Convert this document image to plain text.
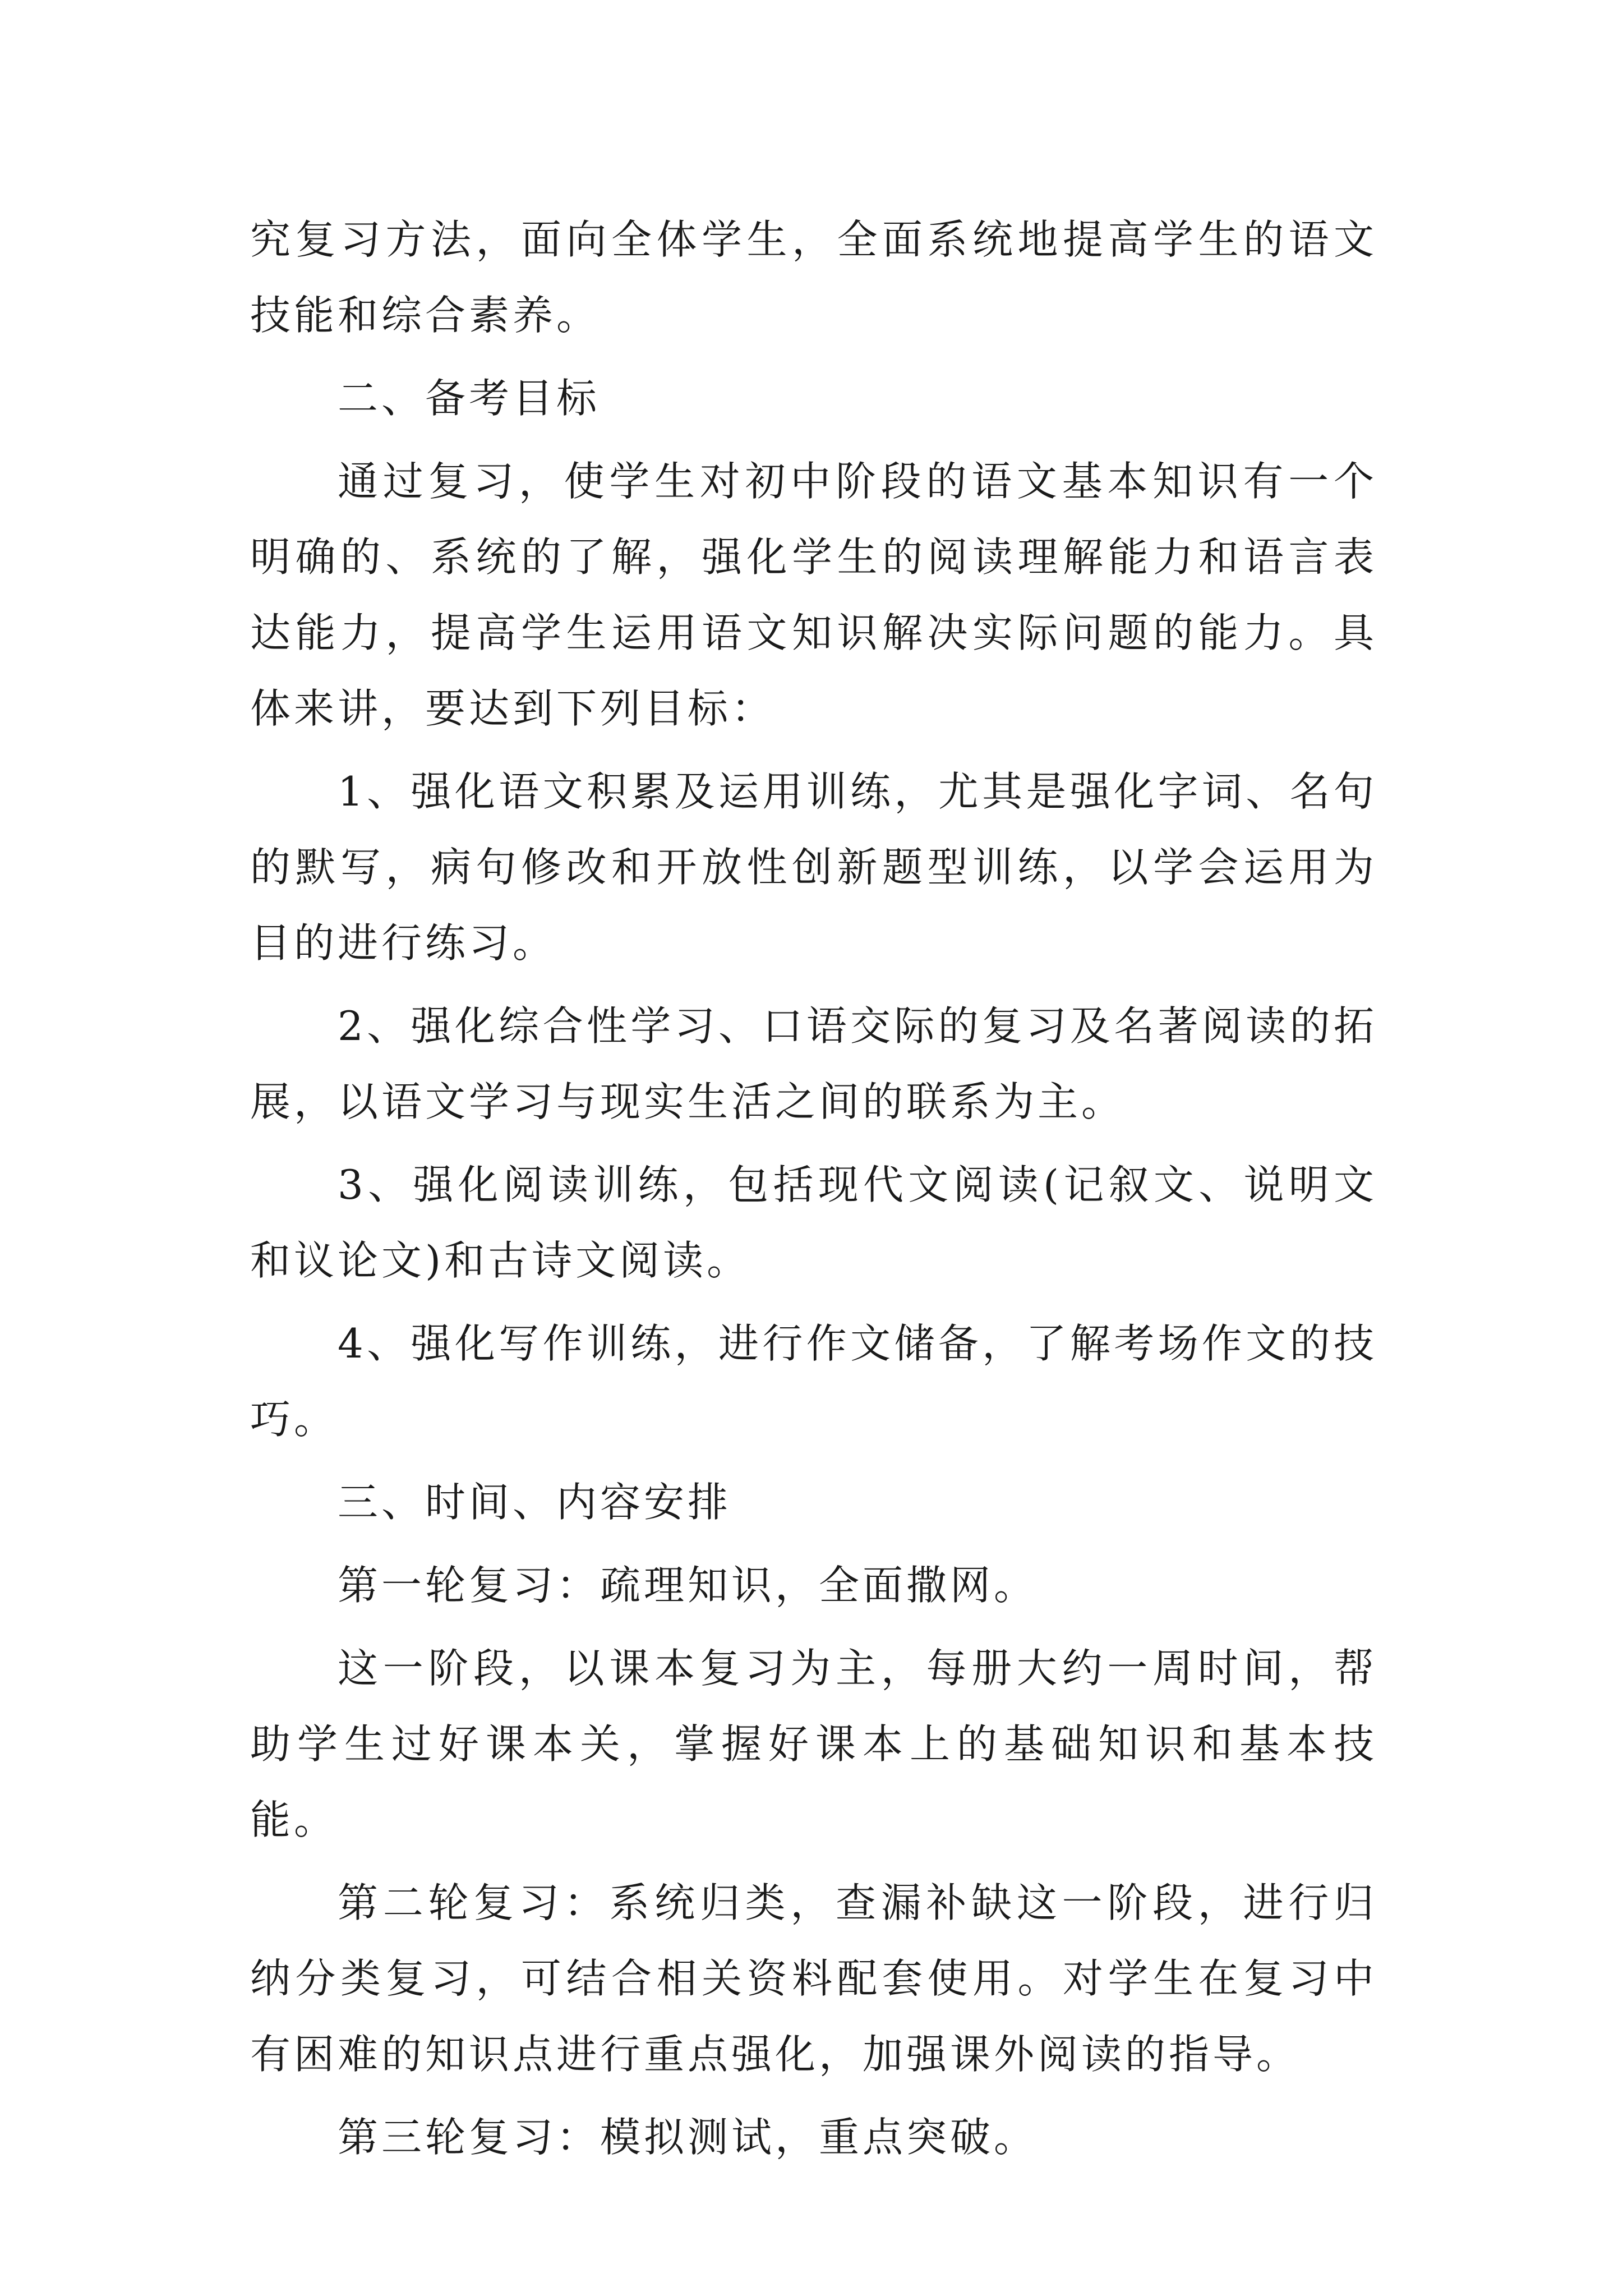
究复习方法，面向全体学生，全面系统地提高学生的语文技能和综合素养。

二、备考目标

通过复习，使学生对初中阶段的语文基本知识有一个明确的、系统的了解，强化学生的阅读理解能力和语言表达能力，提高学生运用语文知识解决实际问题的能力。具体来讲，要达到下列目标：

1、强化语文积累及运用训练，尤其是强化字词、名句的默写，病句修改和开放性创新题型训练，以学会运用为目的进行练习。

2、强化综合性学习、口语交际的复习及名著阅读的拓展，以语文学习与现实生活之间的联系为主。

3、强化阅读训练，包括现代文阅读(记叙文、说明文和议论文)和古诗文阅读。

4、强化写作训练，进行作文储备，了解考场作文的技巧。

三、时间、内容安排

第一轮复习：疏理知识，全面撒网。

这一阶段，以课本复习为主，每册大约一周时间，帮助学生过好课本关，掌握好课本上的基础知识和基本技能。

第二轮复习：系统归类，查漏补缺这一阶段，进行归纳分类复习，可结合相关资料配套使用。对学生在复习中有困难的知识点进行重点强化，加强课外阅读的指导。

第三轮复习：模拟测试，重点突破。
